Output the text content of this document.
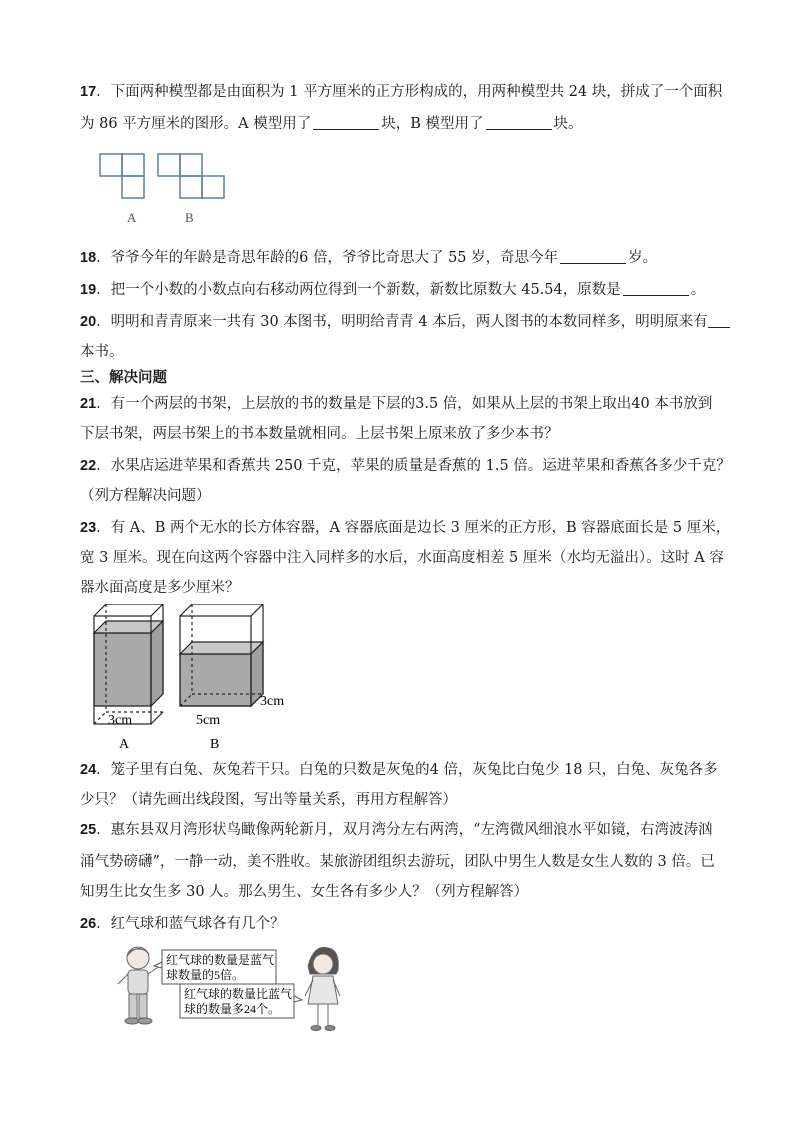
17．下面两种模型都是由面积为 1 平方厘米的正方形构成的，用两种模型共 24 块，拼成了一个面积
为 86 平方厘米的图形。A 模型用了	块，B 模型用了	块。
A	B
18．爷爷今年的年龄是奇思年龄的6 倍，爷爷比奇思大了 55 岁，奇思今年	岁。
19．把一个小数的小数点向右移动两位得到一个新数，新数比原数大 45.54，原数是	。
20．明明和青青原来一共有 30 本图书，明明给青青 4 本后，两人图书的本数同样多，明明原来有
本书。
三、解决问题
21．有一个两层的书架，上层放的书的数量是下层的3.5 倍，如果从上层的书架上取出40 本书放到
下层书架，两层书架上的书本数量就相同。上层书架上原来放了多少本书？
22．水果店运进苹果和香蕉共 250 千克，苹果的质量是香蕉的 1.5 倍。运进苹果和香蕉各多少千克？
（列方程解决问题）
23．有 A、B 两个无水的长方体容器，A 容器底面是边长 3 厘米的正方形，B 容器底面长是 5 厘米，
宽 3 厘米。现在向这两个容器中注入同样多的水后，水面高度相差 5 厘米（水均无溢出）。这时 A 容
器水面高度是多少厘米？
3cm	5cm
3cm
A	B
24．笼子里有白兔、灰兔若干只。白兔的只数是灰兔的4 倍，灰兔比白兔少 18 只，白兔、灰兔各多
少只？（请先画出线段图，写出等量关系，再用方程解答）
25．惠东县双月湾形状鸟瞰像两轮新月，双月湾分左右两湾，“左湾微风细浪水平如镜，右湾波涛汹
涌气势磅礴”，一静一动，美不胜收。某旅游团组织去游玩，团队中男生人数是女生人数的 3 倍。已
知男生比女生多 30 人。那么男生、女生各有多少人？（列方程解答）
26．红气球和蓝气球各有几个？
红气球的数量是蓝气
球数量的5倍。
红气球的数量比蓝气
球的数量多24个。
